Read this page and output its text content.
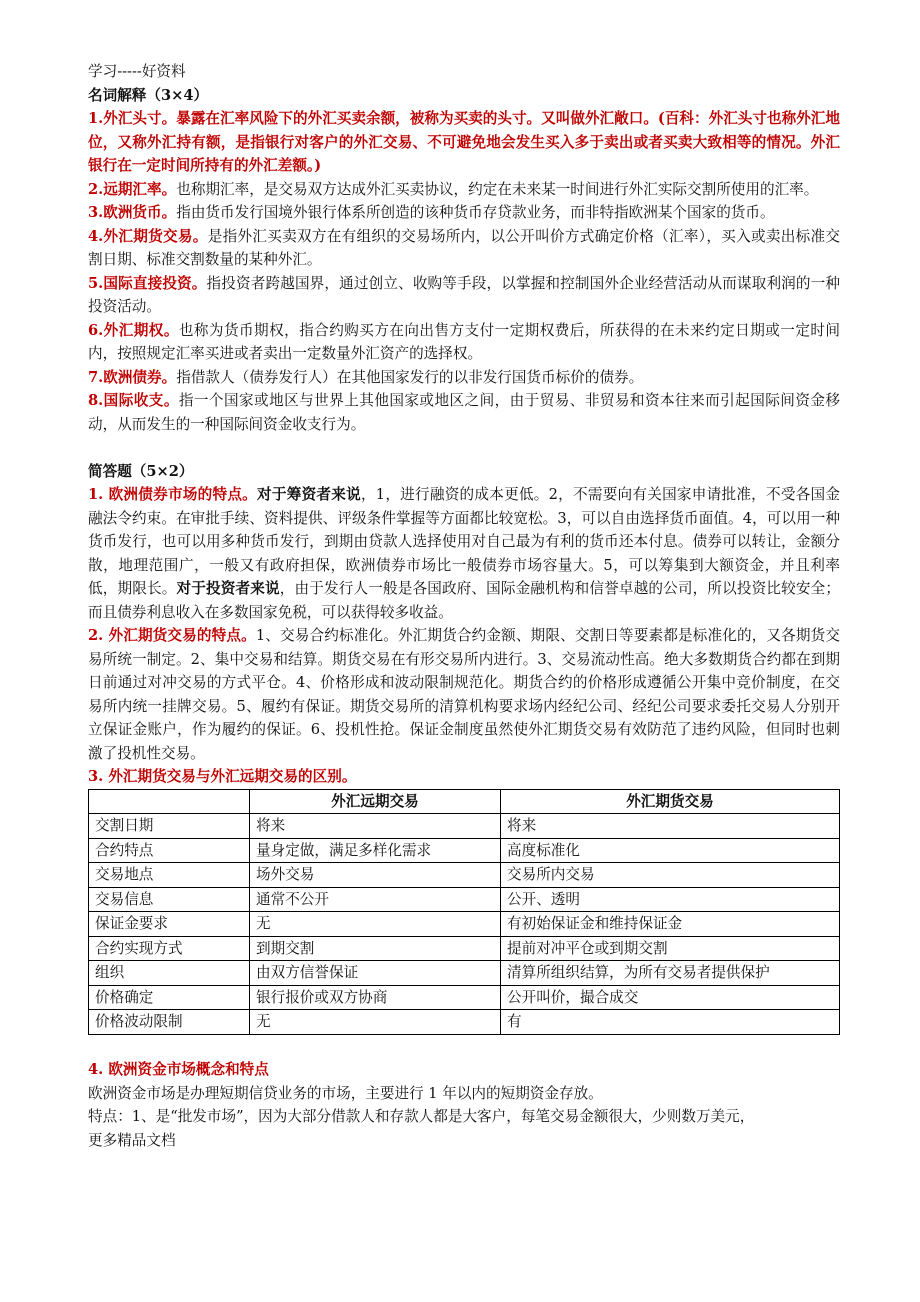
学习-----好资料

名词解释（3×4）

1.外汇头寸。暴露在汇率风险下的外汇买卖余额，被称为买卖的头寸。又叫做外汇敞口。(百科：外汇头寸也称外汇地位，又称外汇持有额，是指银行对客户的外汇交易、不可避免地会发生买入多于卖出或者买卖大致相等的情况。外汇银行在一定时间所持有的外汇差额。)

2.远期汇率。也称期汇率，是交易双方达成外汇买卖协议，约定在未来某一时间进行外汇实际交割所使用的汇率。

3.欧洲货币。指由货币发行国境外银行体系所创造的该种货币存贷款业务，而非特指欧洲某个国家的货币。

4.外汇期货交易。是指外汇买卖双方在有组织的交易场所内，以公开叫价方式确定价格（汇率），买入或卖出标准交割日期、标准交割数量的某种外汇。

5.国际直接投资。指投资者跨越国界，通过创立、收购等手段，以掌握和控制国外企业经营活动从而谋取利润的一种投资活动。

6.外汇期权。也称为货币期权，指合约购买方在向出售方支付一定期权费后，所获得的在未来约定日期或一定时间内，按照规定汇率买进或者卖出一定数量外汇资产的选择权。

7.欧洲债券。指借款人（债券发行人）在其他国家发行的以非发行国货币标价的债券。

8.国际收支。指一个国家或地区与世界上其他国家或地区之间，由于贸易、非贸易和资本往来而引起国际间资金移动，从而发生的一种国际间资金收支行为。

简答题（5×2）

1. 欧洲债券市场的特点。对于筹资者来说，1，进行融资的成本更低。2，不需要向有关国家申请批准，不受各国金融法令约束。在审批手续、资料提供、评级条件掌握等方面都比较宽松。3，可以自由选择货币面值。4，可以用一种货币发行，也可以用多种货币发行，到期由贷款人选择使用对自己最为有利的货币还本付息。债券可以转让，金额分散，地理范围广，一般又有政府担保，欧洲债券市场比一般债券市场容量大。5，可以筹集到大额资金，并且利率低，期限长。对于投资者来说，由于发行人一般是各国政府、国际金融机构和信誉卓越的公司，所以投资比较安全；而且债券利息收入在多数国家免税，可以获得较多收益。

2. 外汇期货交易的特点。1、交易合约标准化。外汇期货合约金额、期限、交割日等要素都是标准化的，又各期货交易所统一制定。2、集中交易和结算。期货交易在有形交易所内进行。3、交易流动性高。绝大多数期货合约都在到期日前通过对冲交易的方式平仓。4、价格形成和波动限制规范化。期货合约的价格形成遵循公开集中竞价制度，在交易所内统一挂牌交易。5、履约有保证。期货交易所的清算机构要求场内经纪公司、经纪公司要求委托交易人分别开立保证金账户，作为履约的保证。6、投机性抢。保证金制度虽然使外汇期货交易有效防范了违约风险，但同时也刺激了投机性交易。

3. 外汇期货交易与外汇远期交易的区别。

	外汇远期交易	外汇期货交易
交割日期	将来	将来
合约特点	量身定做，满足多样化需求	高度标准化
交易地点	场外交易	交易所内交易
交易信息	通常不公开	公开、透明
保证金要求	无	有初始保证金和维持保证金
合约实现方式	到期交割	提前对冲平仓或到期交割
组织	由双方信誉保证	清算所组织结算，为所有交易者提供保护
价格确定	银行报价或双方协商	公开叫价，撮合成交
价格波动限制	无	有

4. 欧洲资金市场概念和特点

欧洲资金市场是办理短期信贷业务的市场，主要进行 1 年以内的短期资金存放。

特点：1、是“批发市场”，因为大部分借款人和存款人都是大客户，每笔交易金额很大，少则数万美元，

更多精品文档
